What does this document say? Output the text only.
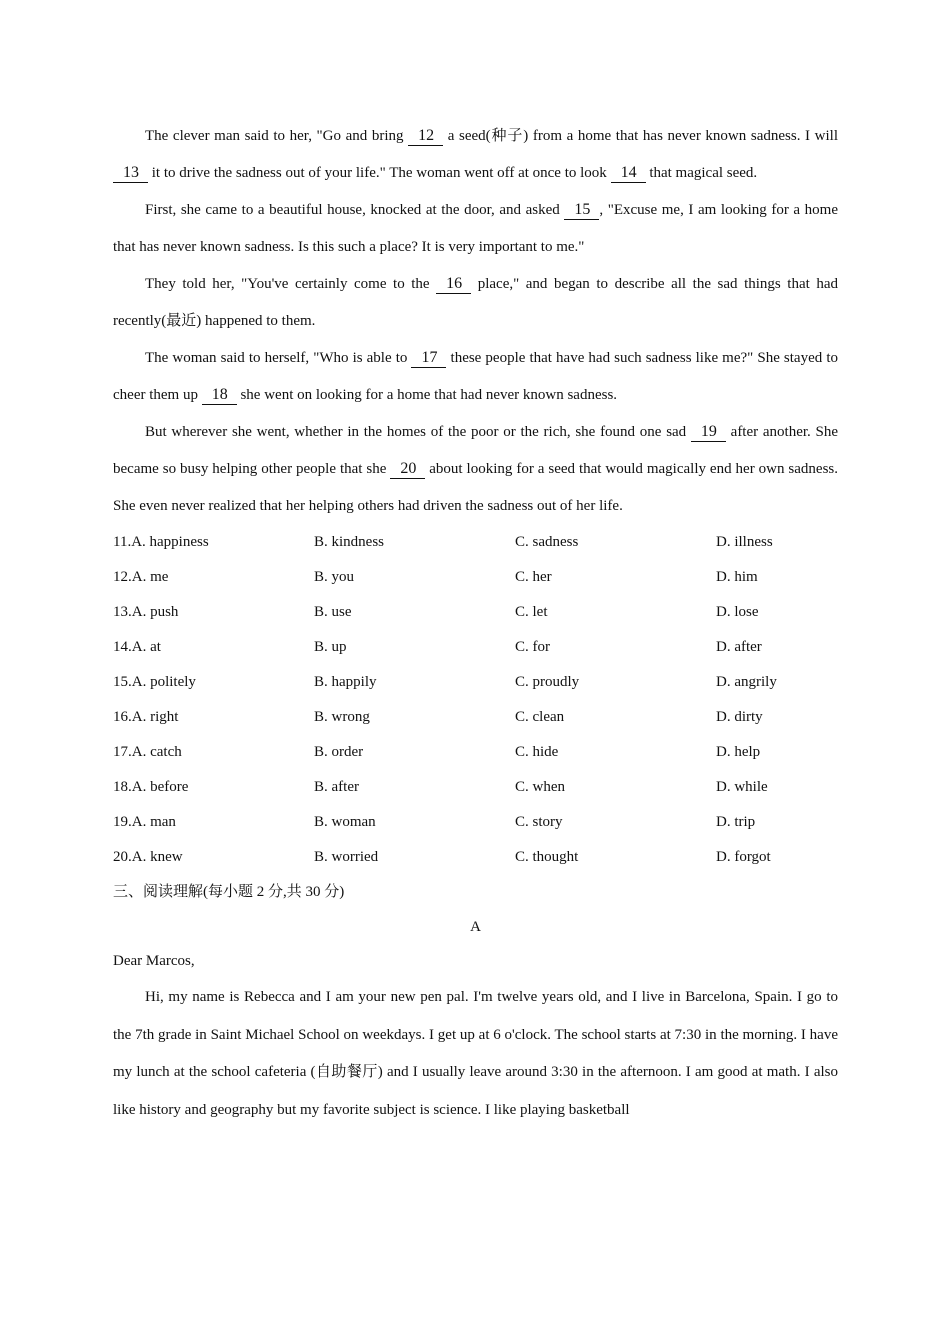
The clever man said to her, "Go and bring 12 a seed(种子) from a home that has never known sadness. I will 13 it to drive the sadness out of your life." The woman went off at once to look 14 that magical seed.

First, she came to a beautiful house, knocked at the door, and asked 15 , "Excuse me, I am looking for a home that has never known sadness. Is this such a place? It is very important to me."

They told her, "You've certainly come to the 16 place," and began to describe all the sad things that had recently(最近) happened to them.

The woman said to herself, "Who is able to 17 these people that have had such sadness like me?" She stayed to cheer them up 18 she went on looking for a home that had never known sadness.

But wherever she went, whether in the homes of the poor or the rich, she found one sad 19 after another. She became so busy helping other people that she 20 about looking for a seed that would magically end her own sadness. She even never realized that her helping others had driven the sadness out of her life.

11.A. happiness	B. kindness	C. sadness	D. illness
12.A. me	B. you	C. her	D. him
13.A. push	B. use	C. let	D. lose
14.A. at	B. up	C. for	D. after
15.A. politely	B. happily	C. proudly	D. angrily
16.A. right	B. wrong	C. clean	D. dirty
17.A. catch	B. order	C. hide	D. help
18.A. before	B. after	C. when	D. while
19.A. man	B. woman	C. story	D. trip
20.A. knew	B. worried	C. thought	D. forgot
三、阅读理解(每小题 2 分,共 30 分)
A
Dear Marcos,

Hi, my name is Rebecca and I am your new pen pal. I'm twelve years old, and I live in Barcelona, Spain. I go to the 7th grade in Saint Michael School on weekdays. I get up at 6 o'clock. The school starts at 7:30 in the morning. I have my lunch at the school cafeteria (自助餐厅) and I usually leave around 3:30 in the afternoon. I am good at math. I also like history and geography but my favorite subject is science. I like playing basketball
